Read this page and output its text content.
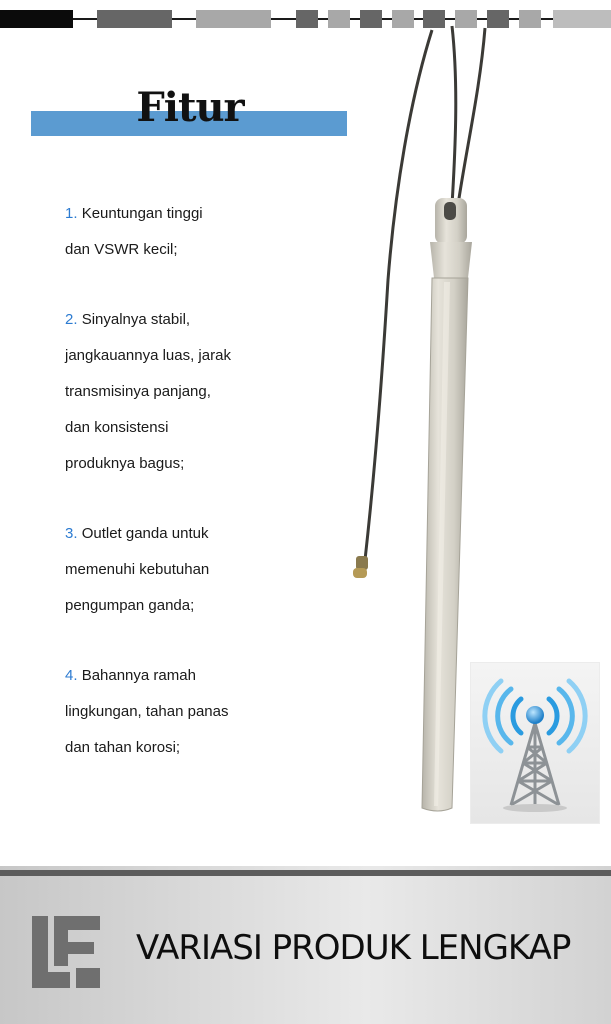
Fitur
1. Keuntungan tinggi
dan VSWR kecil;
2. Sinyalnya stabil,
jangkauannya luas, jarak
transmisinya panjang,
dan konsistensi
produknya bagus;
3. Outlet ganda untuk
memenuhi kebutuhan
pengumpan ganda;
4. Bahannya ramah
lingkungan, tahan panas
dan tahan korosi;
VARIASI PRODUK LENGKAP
